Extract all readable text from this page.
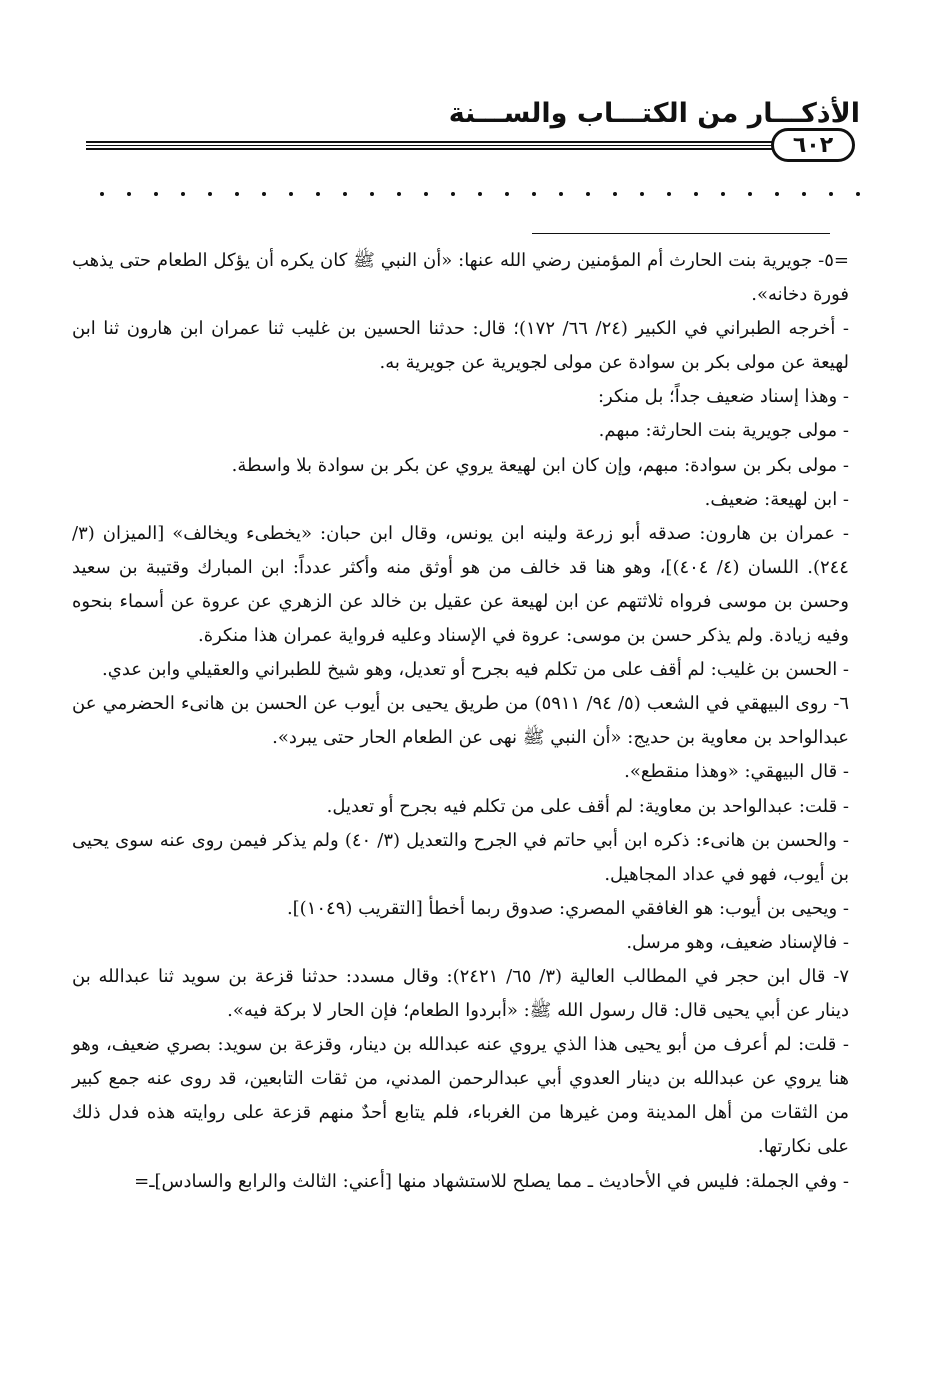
الأذكـــار من الكتـــاب والســـنة
٦٠٢

=٥- جويرية بنت الحارث أم المؤمنين رضي الله عنها: «أن النبي ﷺ كان يكره أن يؤكل الطعام حتى يذهب فورة دخانه».

- أخرجه الطبراني في الكبير (٢٤/ ٦٦/ ١٧٢)؛ قال: حدثنا الحسين بن غليب ثنا عمران ابن هارون ثنا ابن لهيعة عن مولى بكر بن سوادة عن مولى لجويرية عن جويرية به.

- وهذا إسناد ضعيف جداً؛ بل منكر:

- مولى جويرية بنت الحارثة: مبهم.

- مولى بكر بن سوادة: مبهم، وإن كان ابن لهيعة يروي عن بكر بن سوادة بلا واسطة.

- ابن لهيعة: ضعيف.

- عمران بن هارون: صدقه أبو زرعة ولينه ابن يونس، وقال ابن حبان: «يخطىء ويخالف» [الميزان (٣/ ٢٤٤). اللسان (٤/ ٤٠٤)]، وهو هنا قد خالف من هو أوثق منه وأكثر عدداً: ابن المبارك وقتيبة بن سعيد وحسن بن موسى فرواه ثلاثتهم عن ابن لهيعة عن عقيل بن خالد عن الزهري عن عروة عن أسماء بنحوه وفيه زيادة. ولم يذكر حسن بن موسى: عروة في الإسناد وعليه فرواية عمران هذا منكرة.

- الحسن بن غليب: لم أقف على من تكلم فيه بجرح أو تعديل، وهو شيخ للطبراني والعقيلي وابن عدي.

٦- روى البيهقي في الشعب (٥/ ٩٤/ ٥٩١١) من طريق يحيى بن أيوب عن الحسن بن هانىء الحضرمي عن عبدالواحد بن معاوية بن حديج: «أن النبي ﷺ نهى عن الطعام الحار حتى يبرد».

- قال البيهقي: «وهذا منقطع».

- قلت: عبدالواحد بن معاوية: لم أقف على من تكلم فيه بجرح أو تعديل.

- والحسن بن هانىء: ذكره ابن أبي حاتم في الجرح والتعديل (٣/ ٤٠) ولم يذكر فيمن روى عنه سوى يحيى بن أيوب، فهو في عداد المجاهيل.

- ويحيى بن أيوب: هو الغافقي المصري: صدوق ربما أخطأ [التقريب (١٠٤٩)].

- فالإسناد ضعيف، وهو مرسل.

٧- قال ابن حجر في المطالب العالية (٣/ ٦٥/ ٢٤٢١): وقال مسدد: حدثنا قزعة بن سويد ثنا عبدالله بن دينار عن أبي يحيى قال: قال رسول الله ﷺ: «أبردوا الطعام؛ فإن الحار لا بركة فيه».

- قلت: لم أعرف من أبو يحيى هذا الذي يروي عنه عبدالله بن دينار، وقزعة بن سويد: بصري ضعيف، وهو هنا يروي عن عبدالله بن دينار العدوي أبي عبدالرحمن المدني، من ثقات التابعين، قد روى عنه جمع كبير من الثقات من أهل المدينة ومن غيرها من الغرباء، فلم يتابع أحدٌ منهم قزعة على روايته هذه فدل ذلك على نكارتها.

- وفي الجملة: فليس في الأحاديث ـ مما يصلح للاستشهاد منها [أعني: الثالث والرابع والسادس]ـ=
